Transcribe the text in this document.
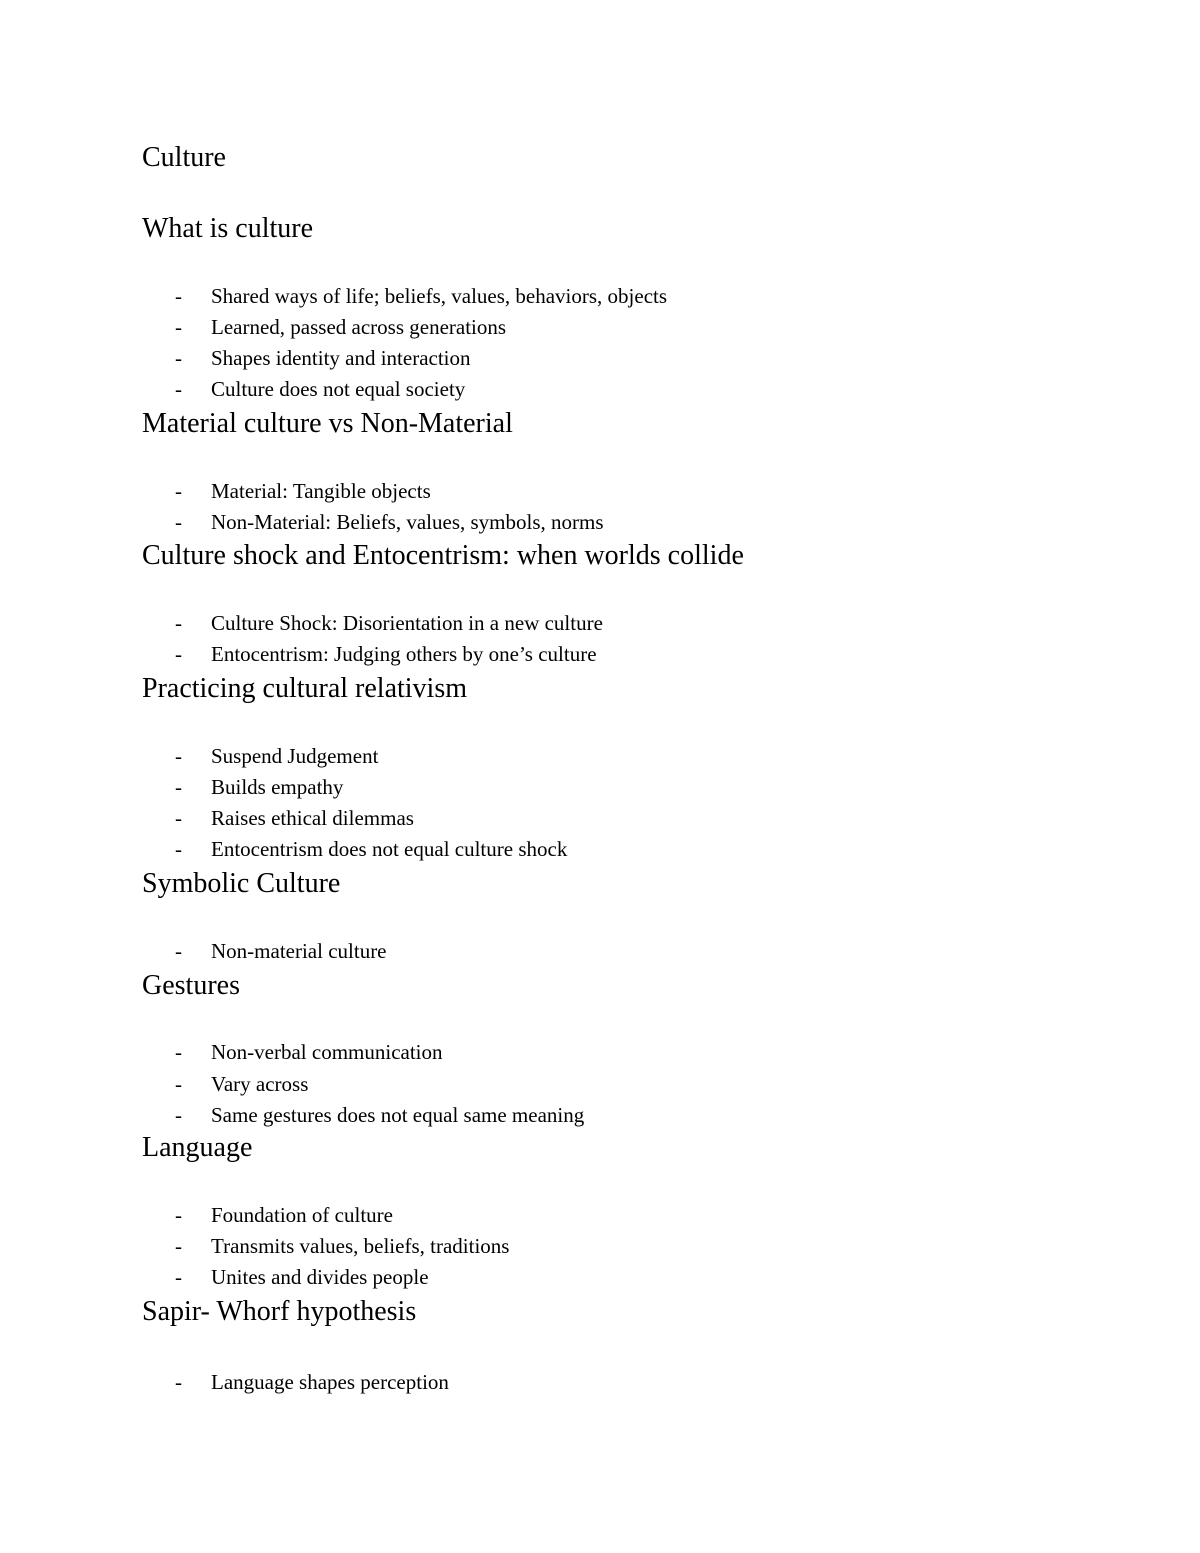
Culture
What is culture
- Shared ways of life; beliefs, values, behaviors, objects
- Learned, passed across generations
- Shapes identity and interaction
- Culture does not equal society
Material culture vs Non-Material
- Material: Tangible objects
- Non-Material: Beliefs, values, symbols, norms
Culture shock and Entocentrism: when worlds collide
- Culture Shock: Disorientation in a new culture
- Entocentrism: Judging others by one’s culture
Practicing cultural relativism
- Suspend Judgement
- Builds empathy
- Raises ethical dilemmas
- Entocentrism does not equal culture shock
Symbolic Culture
- Non-material culture
Gestures
- Non-verbal communication
- Vary across
- Same gestures does not equal same meaning
Language
- Foundation of culture
- Transmits values, beliefs, traditions
- Unites and divides people
Sapir- Whorf hypothesis
- Language shapes perception
